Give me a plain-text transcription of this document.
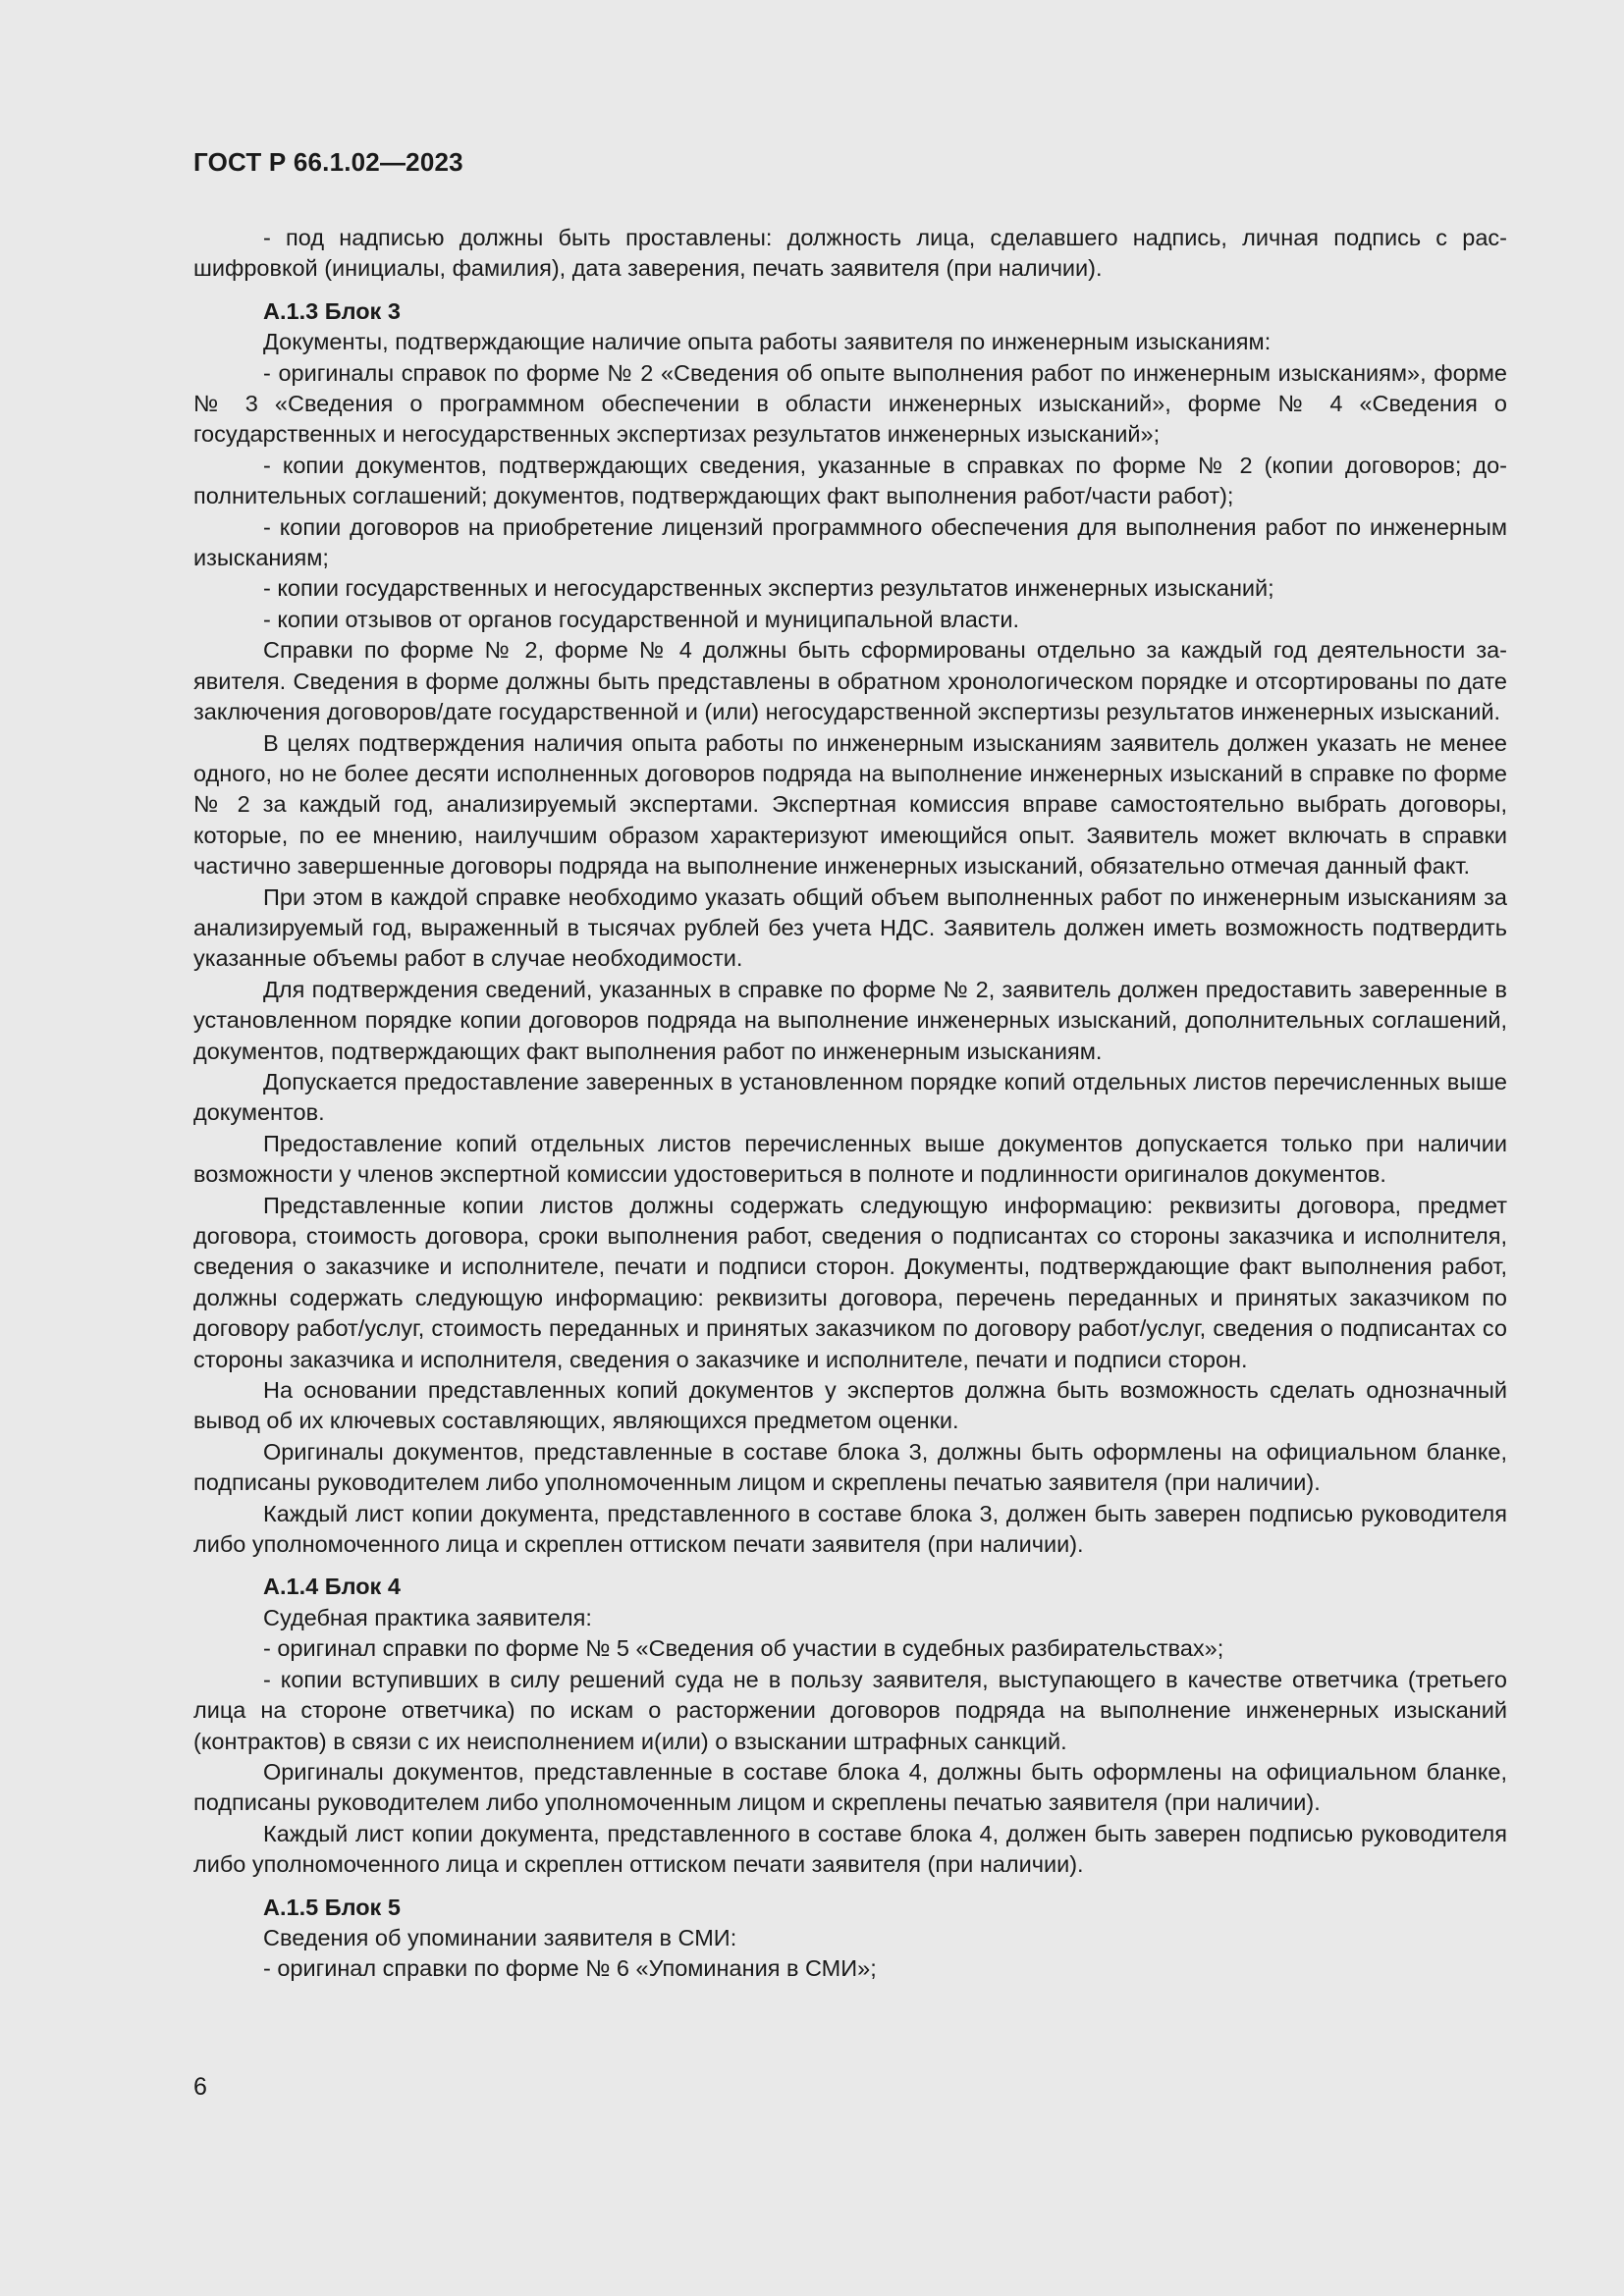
ГОСТ Р 66.1.02—2023

- под надписью должны быть проставлены: должность лица, сделавшего надпись, личная подпись с расшифровкой (инициалы, фамилия), дата заверения, печать заявителя (при наличии).

А.1.3 Блок 3

Документы, подтверждающие наличие опыта работы заявителя по инженерным изысканиям:

- оригиналы справок по форме № 2 «Сведения об опыте выполнения работ по инженерным изысканиям», форме № 3 «Сведения о программном обеспечении в области инженерных изысканий», форме № 4 «Сведения о государственных и негосударственных экспертизах результатов инженерных изысканий»;

- копии документов, подтверждающих сведения, указанные в справках по форме № 2 (копии договоров; дополнительных соглашений; документов, подтверждающих факт выполнения работ/части работ);

- копии договоров на приобретение лицензий программного обеспечения для выполнения работ по инженерным изысканиям;

- копии государственных и негосударственных экспертиз результатов инженерных изысканий;

- копии отзывов от органов государственной и муниципальной власти.

Справки по форме № 2, форме № 4 должны быть сформированы отдельно за каждый год деятельности заявителя. Сведения в форме должны быть представлены в обратном хронологическом порядке и отсортированы по дате заключения договоров/дате государственной и (или) негосударственной экспертизы результатов инженерных изысканий.

В целях подтверждения наличия опыта работы по инженерным изысканиям заявитель должен указать не менее одного, но не более десяти исполненных договоров подряда на выполнение инженерных изысканий в справке по форме № 2 за каждый год, анализируемый экспертами. Экспертная комиссия вправе самостоятельно выбрать договоры, которые, по ее мнению, наилучшим образом характеризуют имеющийся опыт. Заявитель может включать в справки частично завершенные договоры подряда на выполнение инженерных изысканий, обязательно отмечая данный факт.

При этом в каждой справке необходимо указать общий объем выполненных работ по инженерным изысканиям за анализируемый год, выраженный в тысячах рублей без учета НДС. Заявитель должен иметь возможность подтвердить указанные объемы работ в случае необходимости.

Для подтверждения сведений, указанных в справке по форме № 2, заявитель должен предоставить заверенные в установленном порядке копии договоров подряда на выполнение инженерных изысканий, дополнительных соглашений, документов, подтверждающих факт выполнения работ по инженерным изысканиям.

Допускается предоставление заверенных в установленном порядке копий отдельных листов перечисленных выше документов.

Предоставление копий отдельных листов перечисленных выше документов допускается только при наличии возможности у членов экспертной комиссии удостовериться в полноте и подлинности оригиналов документов.

Представленные копии листов должны содержать следующую информацию: реквизиты договора, предмет договора, стоимость договора, сроки выполнения работ, сведения о подписантах со стороны заказчика и исполнителя, сведения о заказчике и исполнителе, печати и подписи сторон. Документы, подтверждающие факт выполнения работ, должны содержать следующую информацию: реквизиты договора, перечень переданных и принятых заказчиком по договору работ/услуг, стоимость переданных и принятых заказчиком по договору работ/услуг, сведения о подписантах со стороны заказчика и исполнителя, сведения о заказчике и исполнителе, печати и подписи сторон.

На основании представленных копий документов у экспертов должна быть возможность сделать однозначный вывод об их ключевых составляющих, являющихся предметом оценки.

Оригиналы документов, представленные в составе блока 3, должны быть оформлены на официальном бланке, подписаны руководителем либо уполномоченным лицом и скреплены печатью заявителя (при наличии).

Каждый лист копии документа, представленного в составе блока 3, должен быть заверен подписью руководителя либо уполномоченного лица и скреплен оттиском печати заявителя (при наличии).

А.1.4 Блок 4

Судебная практика заявителя:

- оригинал справки по форме № 5 «Сведения об участии в судебных разбирательствах»;

- копии вступивших в силу решений суда не в пользу заявителя, выступающего в качестве ответчика (третьего лица на стороне ответчика) по искам о расторжении договоров подряда на выполнение инженерных изысканий (контрактов) в связи с их неисполнением и(или) о взыскании штрафных санкций.

Оригиналы документов, представленные в составе блока 4, должны быть оформлены на официальном бланке, подписаны руководителем либо уполномоченным лицом и скреплены печатью заявителя (при наличии).

Каждый лист копии документа, представленного в составе блока 4, должен быть заверен подписью руководителя либо уполномоченного лица и скреплен оттиском печати заявителя (при наличии).

А.1.5 Блок 5

Сведения об упоминании заявителя в СМИ:

- оригинал справки по форме № 6 «Упоминания в СМИ»;

6
